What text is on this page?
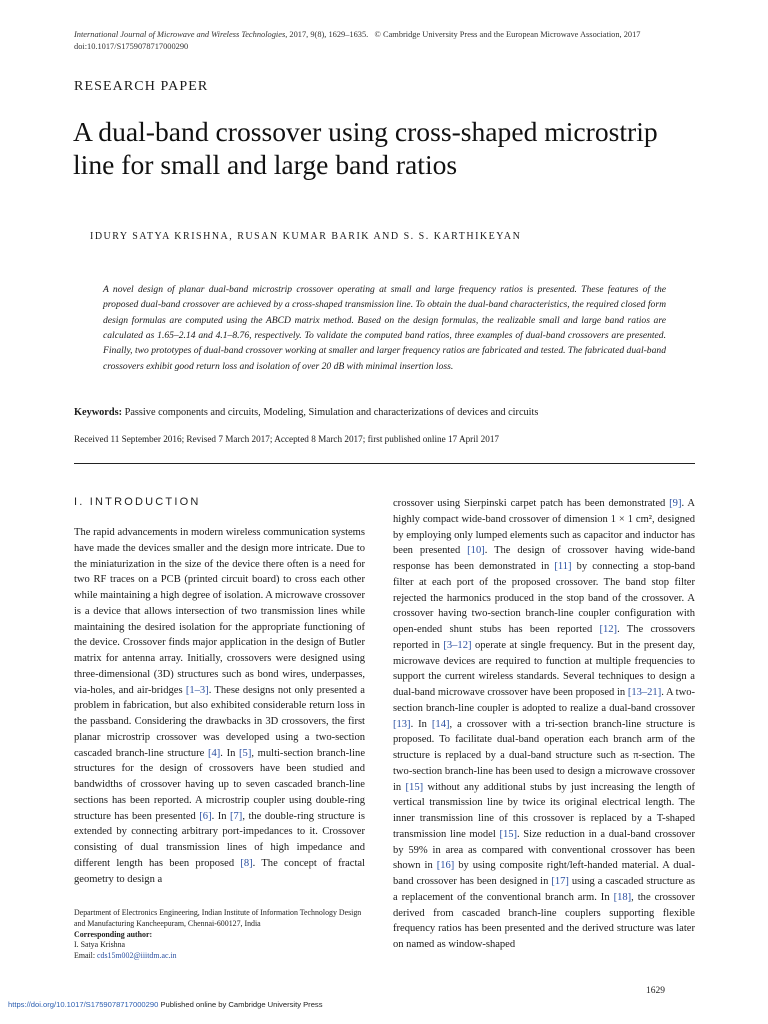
International Journal of Microwave and Wireless Technologies, 2017, 9(8), 1629–1635. © Cambridge University Press and the European Microwave Association, 2017
doi:10.1017/S1759078717000290
RESEARCH PAPER
A dual-band crossover using cross-shaped microstrip line for small and large band ratios
IDURY SATYA KRISHNA, RUSAN KUMAR BARIK AND S. S. KARTHIKEYAN

A novel design of planar dual-band microstrip crossover operating at small and large frequency ratios is presented. These features of the proposed dual-band crossover are achieved by a cross-shaped transmission line. To obtain the dual-band characteristics, the required closed form design formulas are computed using the ABCD matrix method. Based on the design formulas, the realizable small and large band ratios are calculated as 1.65–2.14 and 4.1–8.76, respectively. To validate the computed band ratios, three examples of dual-band crossovers are presented. Finally, two prototypes of dual-band crossover working at smaller and larger frequency ratios are fabricated and tested. The fabricated dual-band crossovers exhibit good return loss and isolation of over 20 dB with minimal insertion loss.

Keywords: Passive components and circuits, Modeling, Simulation and characterizations of devices and circuits

Received 11 September 2016; Revised 7 March 2017; Accepted 8 March 2017; first published online 17 April 2017

I. INTRODUCTION

The rapid advancements in modern wireless communication systems have made the devices smaller and the design more intricate. Due to the miniaturization in the size of the device there often is a need for two RF traces on a PCB (printed circuit board) to cross each other while maintaining a high degree of isolation. A microwave crossover is a device that allows intersection of two transmission lines while maintaining the desired isolation for the appropriate functioning of the device. Crossover finds major application in the design of Butler matrix for antenna array. Initially, crossovers were designed using three-dimensional (3D) structures such as bond wires, underpasses, via-holes, and air-bridges [1–3]. These designs not only presented a problem in fabrication, but also exhibited considerable return loss in the passband. Considering the drawbacks in 3D crossovers, the first planar microstrip crossover was developed using a two-section cascaded branch-line structure [4]. In [5], multi-section branch-line structures for the design of crossovers have been studied and bandwidths of crossover having up to seven cascaded branch-line sections has been reported. A microstrip coupler using double-ring structure has been presented [6]. In [7], the double-ring structure is extended by connecting arbitrary port-impedances to it. Crossover consisting of dual transmission lines of high impedance and different length has been proposed [8]. The concept of fractal geometry to design a

crossover using Sierpinski carpet patch has been demonstrated [9]. A highly compact wide-band crossover of dimension 1 × 1 cm², designed by employing only lumped elements such as capacitor and inductor has been presented [10]. The design of crossover having wide-band response has been demonstrated in [11] by connecting a stop-band filter at each port of the proposed crossover. The band stop filter rejected the harmonics produced in the stop band of the crossover. A crossover having two-section branch-line coupler configuration with open-ended shunt stubs has been reported [12]. The crossovers reported in [3–12] operate at single frequency. But in the present day, microwave devices are required to function at multiple frequencies to support the current wireless standards. Several techniques to design a dual-band microwave crossover have been proposed in [13–21]. A two-section branch-line coupler is adopted to realize a dual-band crossover [13]. In [14], a crossover with a tri-section branch-line structure is proposed. To facilitate dual-band operation each branch arm of the structure is replaced by a dual-band structure such as π-section. The two-section branch-line has been used to design a microwave crossover in [15] without any additional stubs by just increasing the length of vertical transmission line by twice its original electrical length. The inner transmission line of this crossover is replaced by a T-shaped transmission line model [15]. Size reduction in a dual-band crossover by 59% in area as compared with conventional crossover has been shown in [16] by using composite right/left-handed material. A dual-band crossover has been designed in [17] using a cascaded structure as a replacement of the conventional branch arm. In [18], the crossover derived from cascaded branch-line couplers supporting flexible frequency ratios has been presented and the derived structure was later on named as window-shaped

Department of Electronics Engineering, Indian Institute of Information Technology Design and Manufacturing Kancheepuram, Chennai-600127, India
Corresponding author:
I. Satya Krishna
Email: cds15m002@iiitdm.ac.in
1629
https://doi.org/10.1017/S1759078717000290 Published online by Cambridge University Press
